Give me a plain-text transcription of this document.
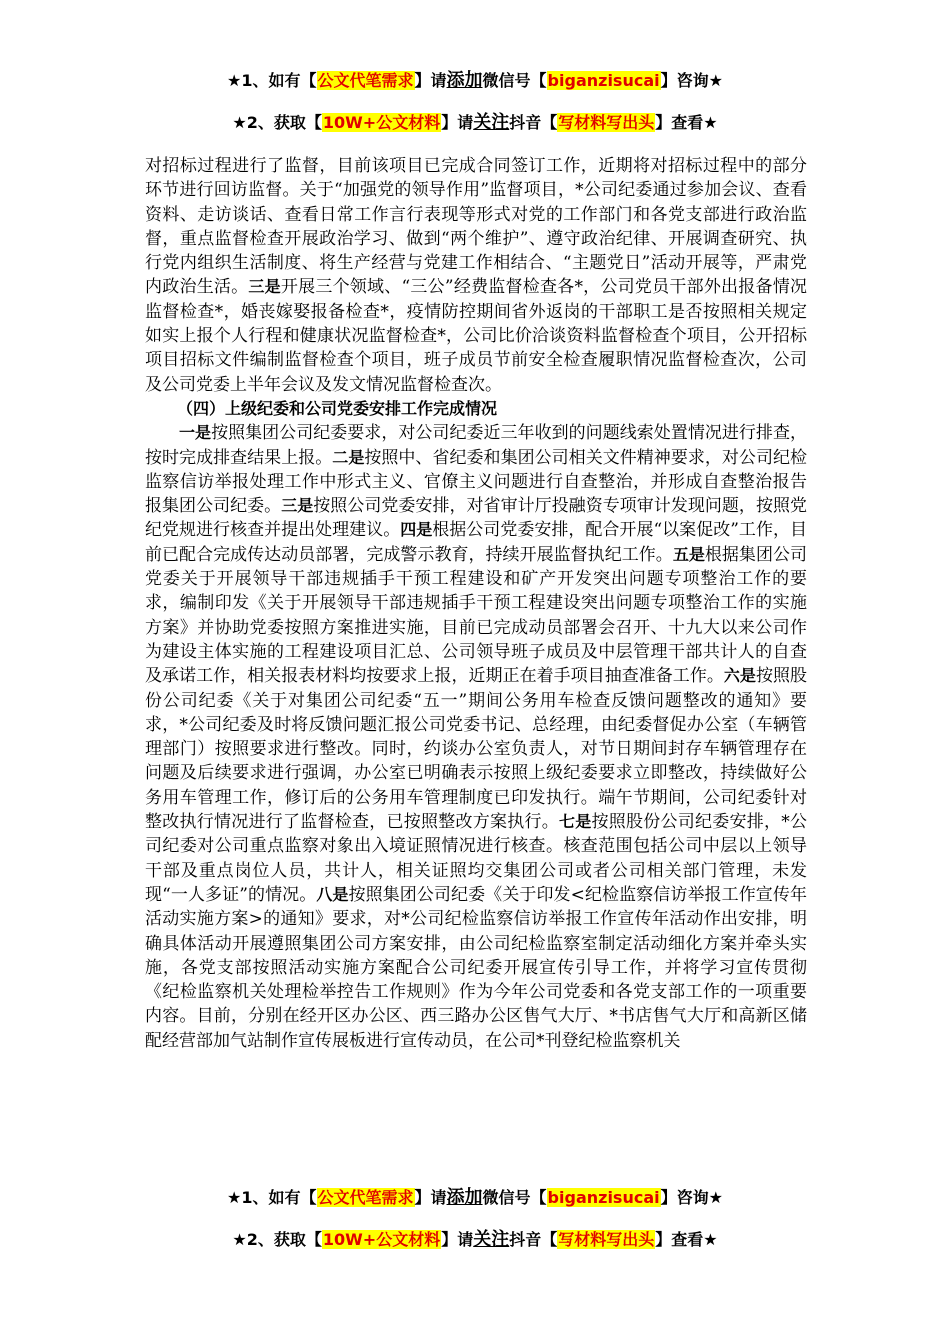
★1、如有【公文代笔需求】请添加微信号【biganzisucai】咨询★
★2、获取【10W+公文材料】请关注抖音【写材料写出头】查看★

对招标过程进行了监督，目前该项目已完成合同签订工作，近期将对招标过程中的部分环节进行回访监督。关于“加强党的领导作用”监督项目，*公司纪委通过参加会议、查看资料、走访谈话、查看日常工作言行表现等形式对党的工作部门和各党支部进行政治监督，重点监督检查开展政治学习、做到“两个维护”、遵守政治纪律、开展调查研究、执行党内组织生活制度、将生产经营与党建工作相结合、“主题党日”活动开展等，严肃党内政治生活。三是开展三个领域、“三公”经费监督检查各*，公司党员干部外出报备情况监督检查*，婚丧嫁娶报备检查*，疫情防控期间省外返岗的干部职工是否按照相关规定如实上报个人行程和健康状况监督检查*，公司比价洽谈资料监督检查个项目，公开招标项目招标文件编制监督检查个项目，班子成员节前安全检查履职情况监督检查次，公司及公司党委上半年会议及发文情况监督检查次。

（四）上级纪委和公司党委安排工作完成情况

一是按照集团公司纪委要求，对公司纪委近三年收到的问题线索处置情况进行排查，按时完成排查结果上报。二是按照中、省纪委和集团公司相关文件精神要求，对公司纪检监察信访举报处理工作中形式主义、官僚主义问题进行自查整治，并形成自查整治报告报集团公司纪委。三是按照公司党委安排，对省审计厅投融资专项审计发现问题，按照党纪党规进行核查并提出处理建议。四是根据公司党委安排，配合开展“以案促改”工作，目前已配合完成传达动员部署，完成警示教育，持续开展监督执纪工作。五是根据集团公司党委关于开展领导干部违规插手干预工程建设和矿产开发突出问题专项整治工作的要求，编制印发《关于开展领导干部违规插手干预工程建设突出问题专项整治工作的实施方案》并协助党委按照方案推进实施，目前已完成动员部署会召开、十九大以来公司作为建设主体实施的工程建设项目汇总、公司领导班子成员及中层管理干部共计人的自查及承诺工作，相关报表材料均按要求上报，近期正在着手项目抽查准备工作。六是按照股份公司纪委《关于对集团公司纪委“五一”期间公务用车检查反馈问题整改的通知》要求，*公司纪委及时将反馈问题汇报公司党委书记、总经理，由纪委督促办公室（车辆管理部门）按照要求进行整改。同时，约谈办公室负责人，对节日期间封存车辆管理存在问题及后续要求进行强调，办公室已明确表示按照上级纪委要求立即整改，持续做好公务用车管理工作，修订后的公务用车管理制度已印发执行。端午节期间，公司纪委针对整改执行情况进行了监督检查，已按照整改方案执行。七是按照股份公司纪委安排，*公司纪委对公司重点监察对象出入境证照情况进行核查。核查范围包括公司中层以上领导干部及重点岗位人员，共计人，相关证照均交集团公司或者公司相关部门管理，未发现“一人多证”的情况。八是按照集团公司纪委《关于印发<纪检监察信访举报工作宣传年活动实施方案>的通知》要求，对*公司纪检监察信访举报工作宣传年活动作出安排，明确具体活动开展遵照集团公司方案安排，由公司纪检监察室制定活动细化方案并牵头实施，各党支部按照活动实施方案配合公司纪委开展宣传引导工作，并将学习宣传贯彻《纪检监察机关处理检举控告工作规则》作为今年公司党委和各党支部工作的一项重要内容。目前，分别在经开区办公区、西三路办公区售气大厅、*书店售气大厅和高新区储配经营部加气站制作宣传展板进行宣传动员，在公司*刊登纪检监察机关

★1、如有【公文代笔需求】请添加微信号【biganzisucai】咨询★
★2、获取【10W+公文材料】请关注抖音【写材料写出头】查看★
